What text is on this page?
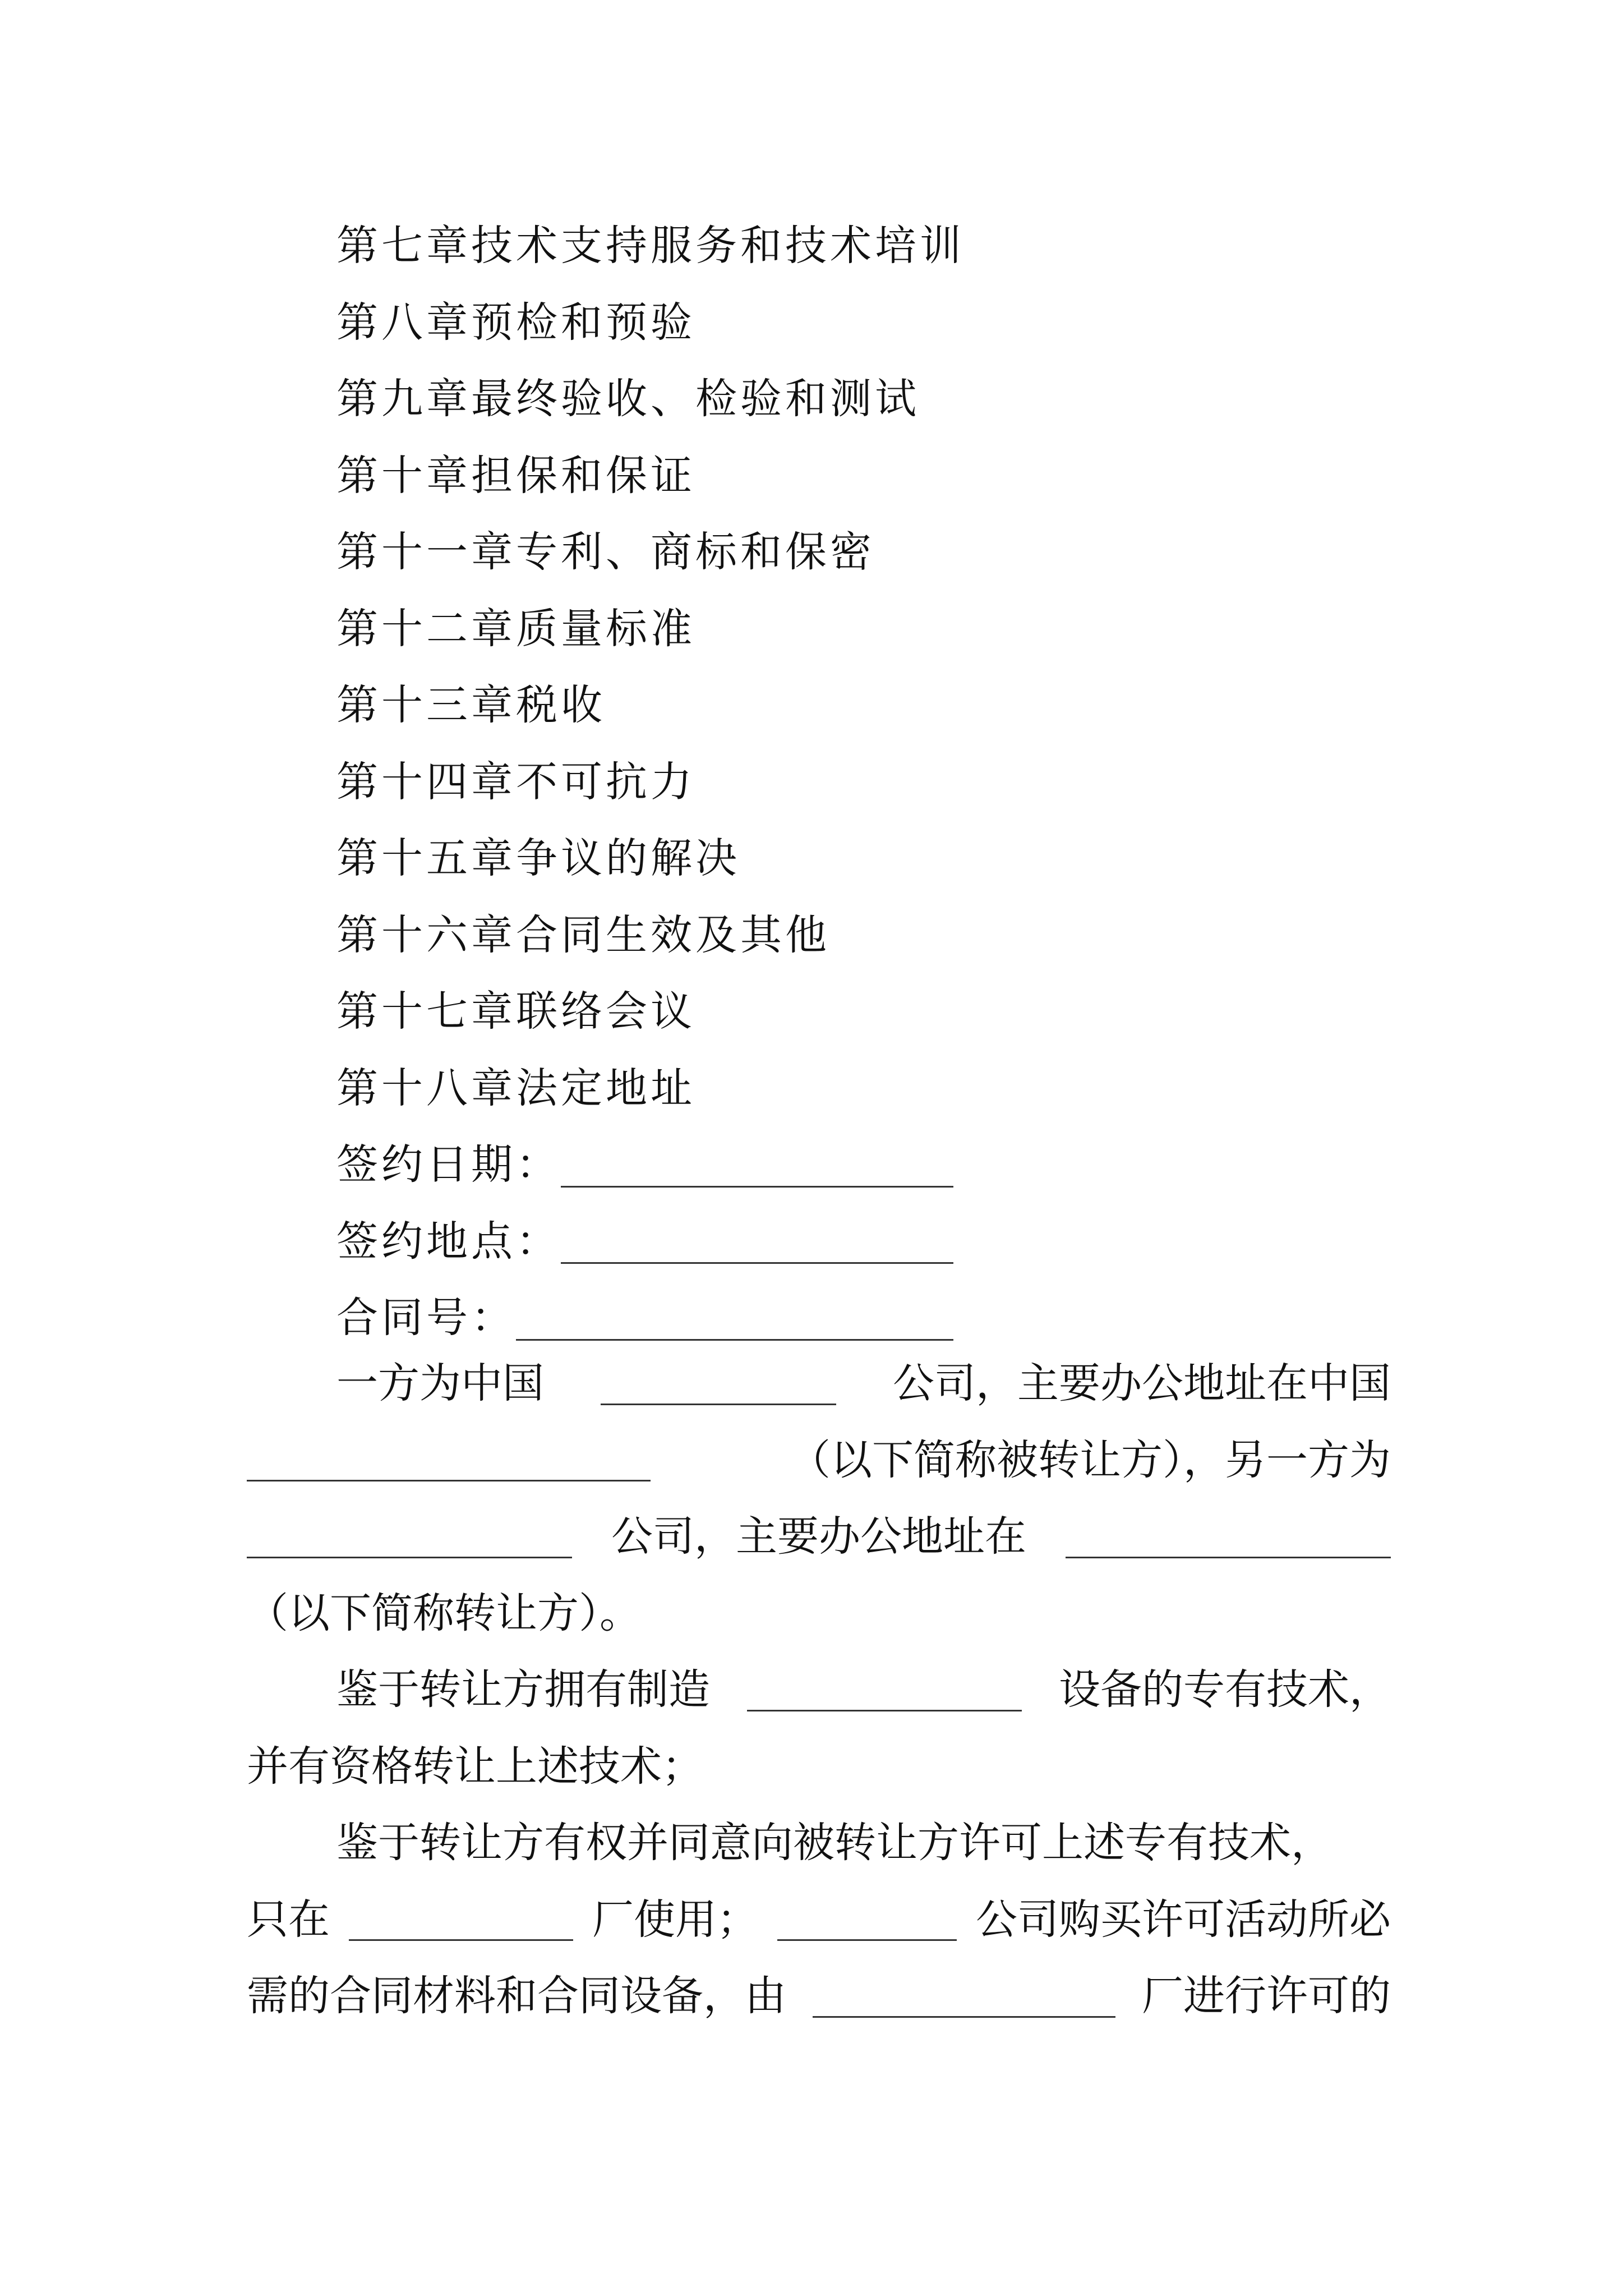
第七章技术支持服务和技术培训
第八章预检和预验
第九章最终验收、检验和测试
第十章担保和保证
第十一章专利、商标和保密
第十二章质量标准
第十三章税收
第十四章不可抗力
第十五章争议的解决
第十六章合同生效及其他
第十七章联络会议
第十八章法定地址
签约日期：
签约地点：
合同号：
一方为中国	公司，主要办公地址在中国
（以下简称被转让方），另一方为
公司，主要办公地址在
（以下简称转让方）。
鉴于转让方拥有制造	设备的专有技术，
并有资格转让上述技术；
鉴于转让方有权并同意向被转让方许可上述专有技术，
只在	厂使用；	公司购买许可活动所必
需的合同材料和合同设备，由	厂进行许可的
